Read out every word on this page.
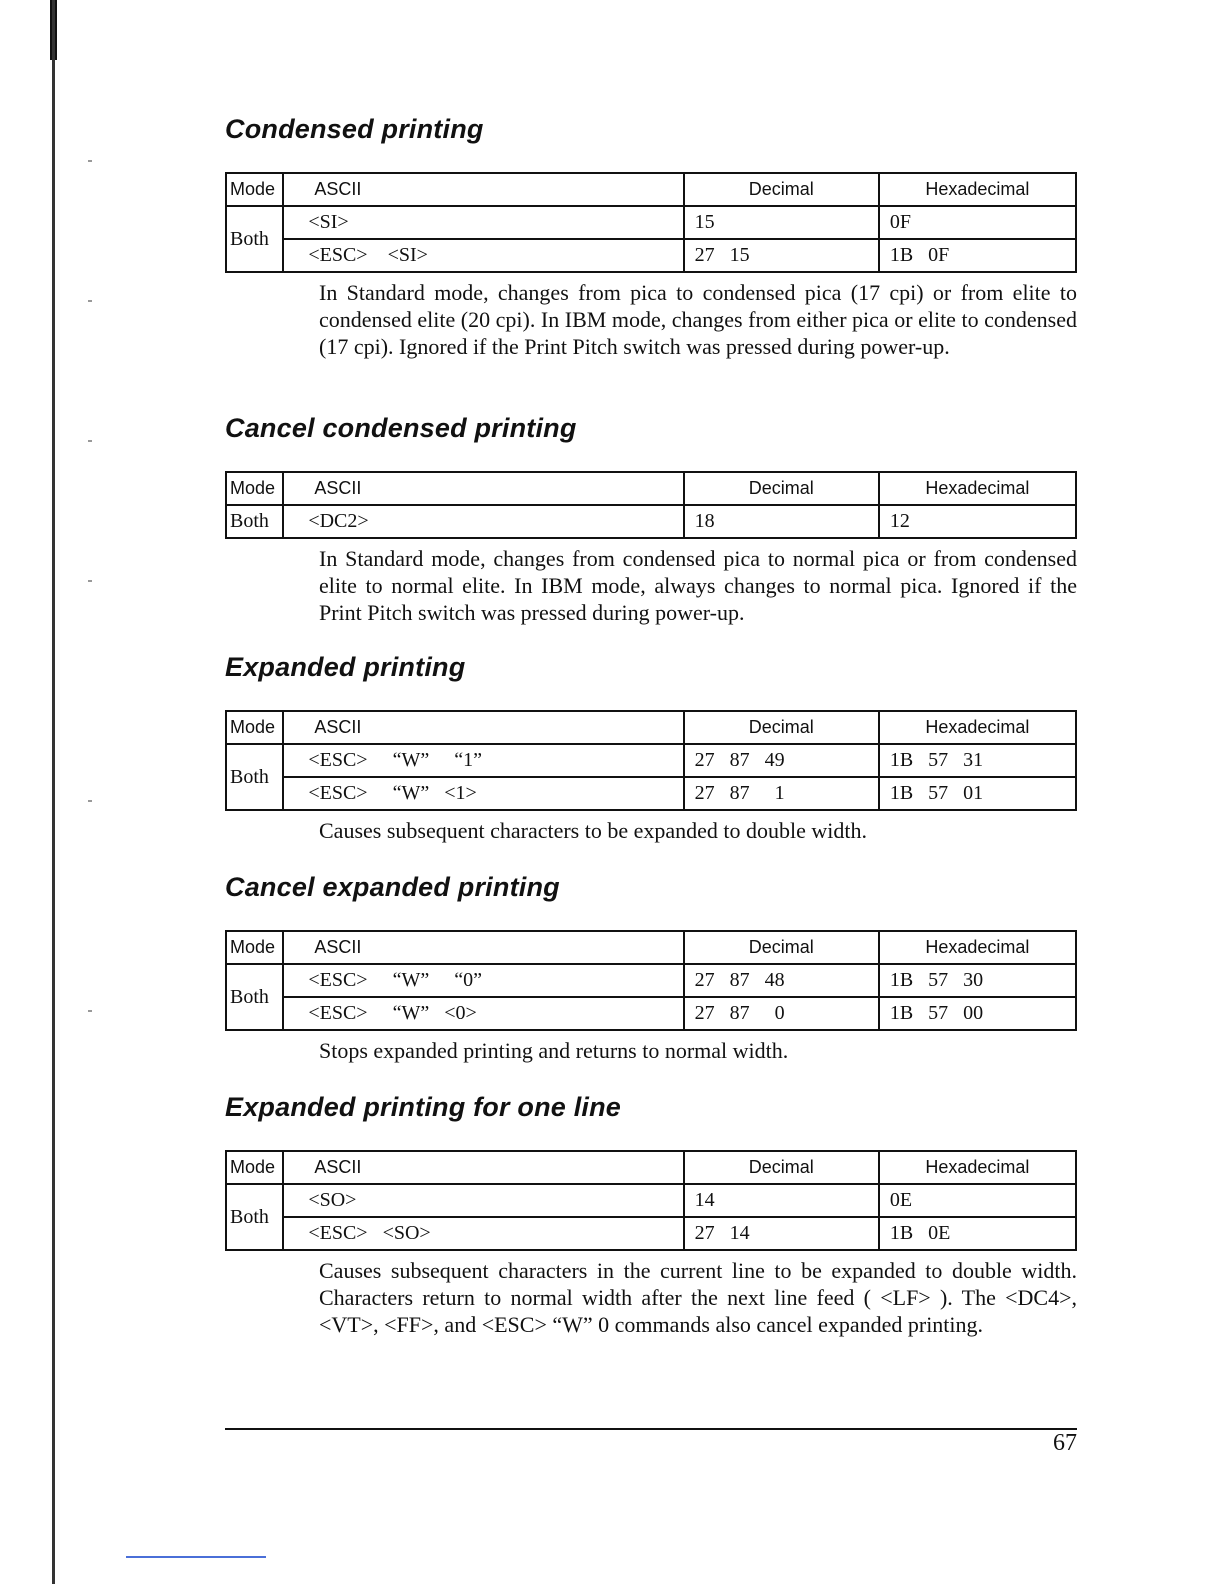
Condensed printing
Mode	ASCII	Decimal	Hexadecimal
Both	<SI>	15	0F
	<ESC>    <SI>	27   15	1B   0F

In Standard mode, changes from pica to condensed pica (17 cpi) or from elite to condensed elite (20 cpi). In IBM mode, changes from either pica or elite to condensed (17 cpi). Ignored if the Print Pitch switch was pressed during power-up.

Cancel condensed printing
Mode	ASCII	Decimal	Hexadecimal
Both	<DC2>	18	12

In Standard mode, changes from condensed pica to normal pica or from condensed elite to normal elite. In IBM mode, always changes to normal pica. Ignored if the Print Pitch switch was pressed during power-up.

Expanded printing
Mode	ASCII	Decimal	Hexadecimal
Both	<ESC>     “W”     “1”	27   87   49	1B   57   31
	<ESC>     “W”   <1>	27   87     1	1B   57   01

Causes subsequent characters to be expanded to double width.

Cancel expanded printing
Mode	ASCII	Decimal	Hexadecimal
Both	<ESC>     “W”     “0”	27   87   48	1B   57   30
	<ESC>     “W”   <0>	27   87     0	1B   57   00

Stops expanded printing and returns to normal width.

Expanded printing for one line
Mode	ASCII	Decimal	Hexadecimal
Both	<SO>	14	0E
	<ESC>   <SO>	27   14	1B   0E

Causes subsequent characters in the current line to be expanded to double width. Characters return to normal width after the next line feed ( <LF> ). The <DC4>, <VT>, <FF>, and <ESC> “W” 0 commands also cancel expanded printing.

67
